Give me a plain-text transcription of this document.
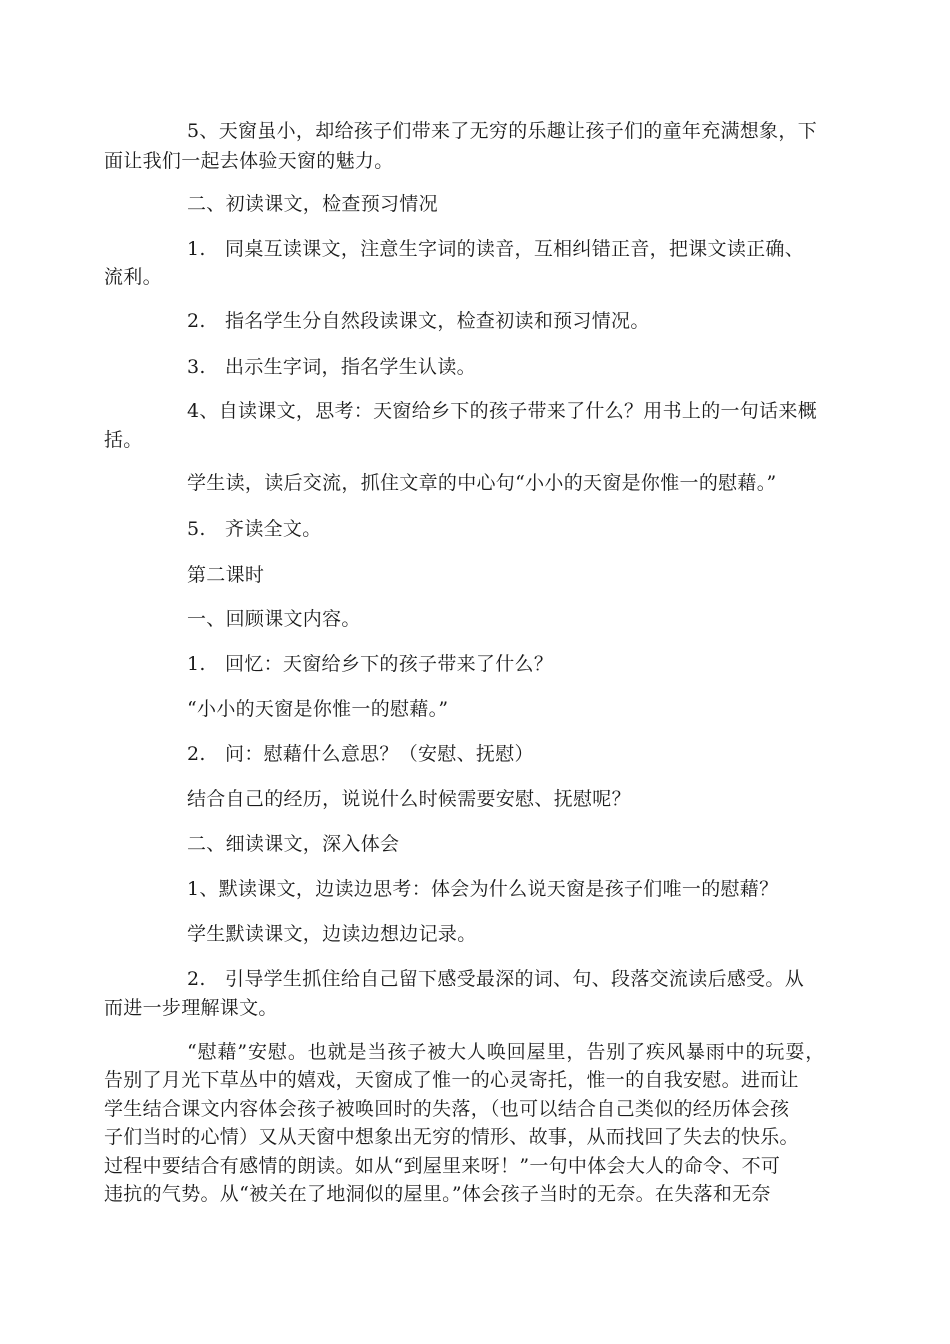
5、天窗虽小，却给孩子们带来了无穷的乐趣让孩子们的童年充满想象，下

面让我们一起去体验天窗的魅力。

二、初读课文，检查预习情况

1.　同桌互读课文，注意生字词的读音，互相纠错正音，把课文读正确、

流利。

2.　指名学生分自然段读课文，检查初读和预习情况。

3.　出示生字词，指名学生认读。

4、自读课文，思考：天窗给乡下的孩子带来了什么？用书上的一句话来概

括。

学生读，读后交流，抓住文章的中心句“小小的天窗是你惟一的慰藉。”

5.　齐读全文。

第二课时

一、回顾课文内容。

1.　回忆：天窗给乡下的孩子带来了什么？

“小小的天窗是你惟一的慰藉。”

2.　问：慰藉什么意思？（安慰、抚慰）

结合自己的经历，说说什么时候需要安慰、抚慰呢？

二、细读课文，深入体会

1、默读课文，边读边思考：体会为什么说天窗是孩子们唯一的慰藉？

学生默读课文，边读边想边记录。

2.　引导学生抓住给自己留下感受最深的词、句、段落交流读后感受。从

而进一步理解课文。

“慰藉”安慰。也就是当孩子被大人唤回屋里，告别了疾风暴雨中的玩耍，

告别了月光下草丛中的嬉戏，天窗成了惟一的心灵寄托，惟一的自我安慰。进而让

学生结合课文内容体会孩子被唤回时的失落，（也可以结合自己类似的经历体会孩

子们当时的心情）又从天窗中想象出无穷的情形、故事，从而找回了失去的快乐。

过程中要结合有感情的朗读。如从“到屋里来呀！”一句中体会大人的命令、不可

违抗的气势。从“被关在了地洞似的屋里。”体会孩子当时的无奈。在失落和无奈
